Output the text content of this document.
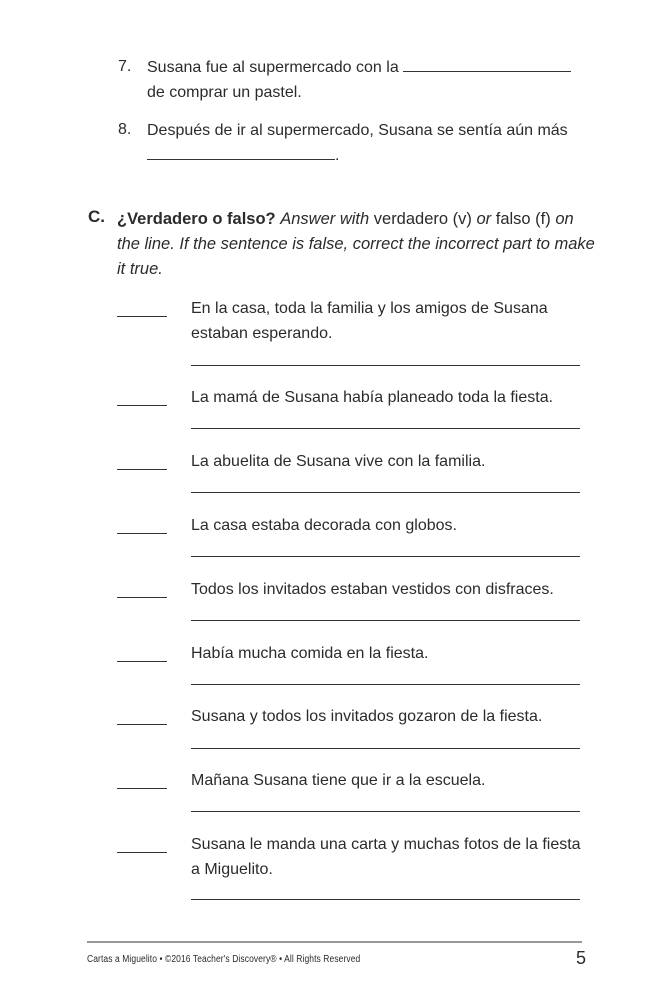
7. Susana fue al supermercado con la
de comprar un pastel.
8. Después de ir al supermercado, Susana se sentía aún más
.
C. ¿Verdadero o falso? Answer with verdadero (v) or falso (f) on the line. If the sentence is false, correct the incorrect part to make it true.
En la casa, toda la familia y los amigos de Susana estaban esperando.
La mamá de Susana había planeado toda la fiesta.
La abuelita de Susana vive con la familia.
La casa estaba decorada con globos.
Todos los invitados estaban vestidos con disfraces.
Había mucha comida en la fiesta.
Susana y todos los invitados gozaron de la fiesta.
Mañana Susana tiene que ir a la escuela.
Susana le manda una carta y muchas fotos de la fiesta a Miguelito.
Cartas a Miguelito • ©2016 Teacher's Discovery® • All Rights Reserved	5
